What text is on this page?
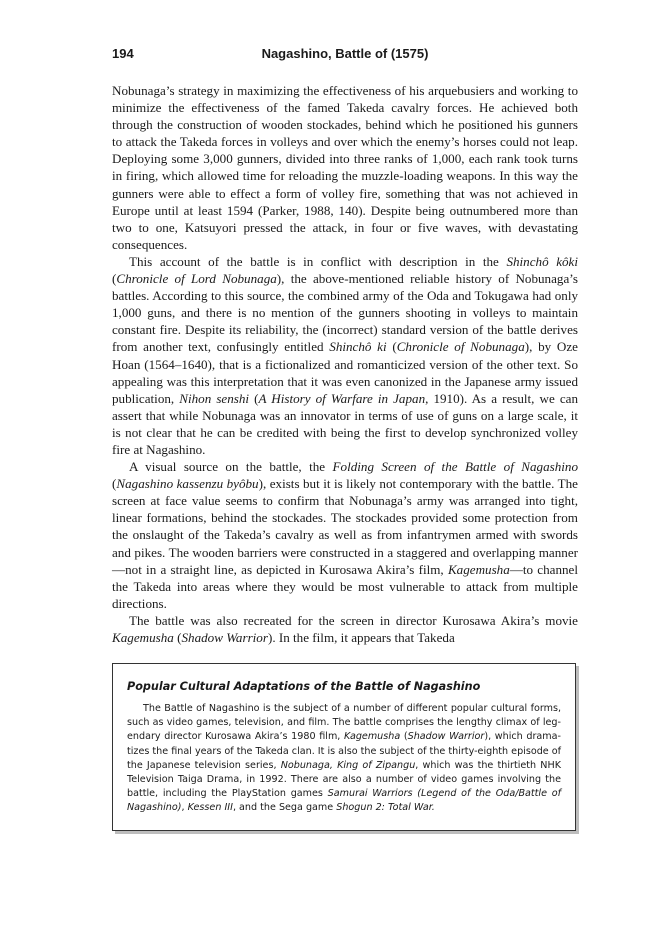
194	Nagashino, Battle of (1575)

Nobunaga’s strategy in maximizing the effectiveness of his arquebusiers and working to minimize the effectiveness of the famed Takeda cavalry forces. He achieved both through the construction of wooden stockades, behind which he positioned his gunners to attack the Takeda forces in volleys and over which the enemy’s horses could not leap. Deploying some 3,000 gunners, divided into three ranks of 1,000, each rank took turns in firing, which allowed time for reloading the muzzle-loading weapons. In this way the gunners were able to effect a form of volley fire, something that was not achieved in Europe until at least 1594 (Parker, 1988, 140). Despite being outnumbered more than two to one, Katsuyori pressed the attack, in four or five waves, with devastating consequences.

This account of the battle is in conflict with description in the Shinchô kôki (Chronicle of Lord Nobunaga), the above-mentioned reliable history of Nobunaga’s battles. According to this source, the combined army of the Oda and Tokugawa had only 1,000 guns, and there is no mention of the gunners shooting in volleys to maintain constant fire. Despite its reliability, the (incorrect) standard version of the battle derives from another text, confusingly entitled Shinchô ki (Chronicle of Nobunaga), by Oze Hoan (1564–1640), that is a fictionalized and romanticized version of the other text. So appealing was this interpretation that it was even canonized in the Japanese army issued publication, Nihon senshi (A History of Warfare in Japan, 1910). As a result, we can assert that while Nobunaga was an innovator in terms of use of guns on a large scale, it is not clear that he can be credited with being the first to develop synchronized volley fire at Nagashino.

A visual source on the battle, the Folding Screen of the Battle of Nagashino (Nagashino kassenzu byôbu), exists but it is likely not contemporary with the battle. The screen at face value seems to confirm that Nobunaga’s army was arranged into tight, linear formations, behind the stockades. The stockades provided some protection from the onslaught of the Takeda’s cavalry as well as from infantrymen armed with swords and pikes. The wooden barriers were constructed in a staggered and overlapping manner—not in a straight line, as depicted in Kurosawa Akira’s film, Kagemusha—to channel the Takeda into areas where they would be most vulnerable to attack from multiple directions.

The battle was also recreated for the screen in director Kurosawa Akira’s movie Kagemusha (Shadow Warrior). In the film, it appears that Takeda

Popular Cultural Adaptations of the Battle of Nagashino

The Battle of Nagashino is the subject of a number of different popular cultural forms, such as video games, television, and film. The battle comprises the lengthy climax of legendary director Kurosawa Akira’s 1980 film, Kagemusha (Shadow Warrior), which dramatizes the final years of the Takeda clan. It is also the subject of the thirty-eighth episode of the Japanese television series, Nobunaga, King of Zipangu, which was the thirtieth NHK Television Taiga Drama, in 1992. There are also a number of video games involving the battle, including the PlayStation games Samurai Warriors (Legend of the Oda/Battle of Nagashino), Kessen III, and the Sega game Shogun 2: Total War.
